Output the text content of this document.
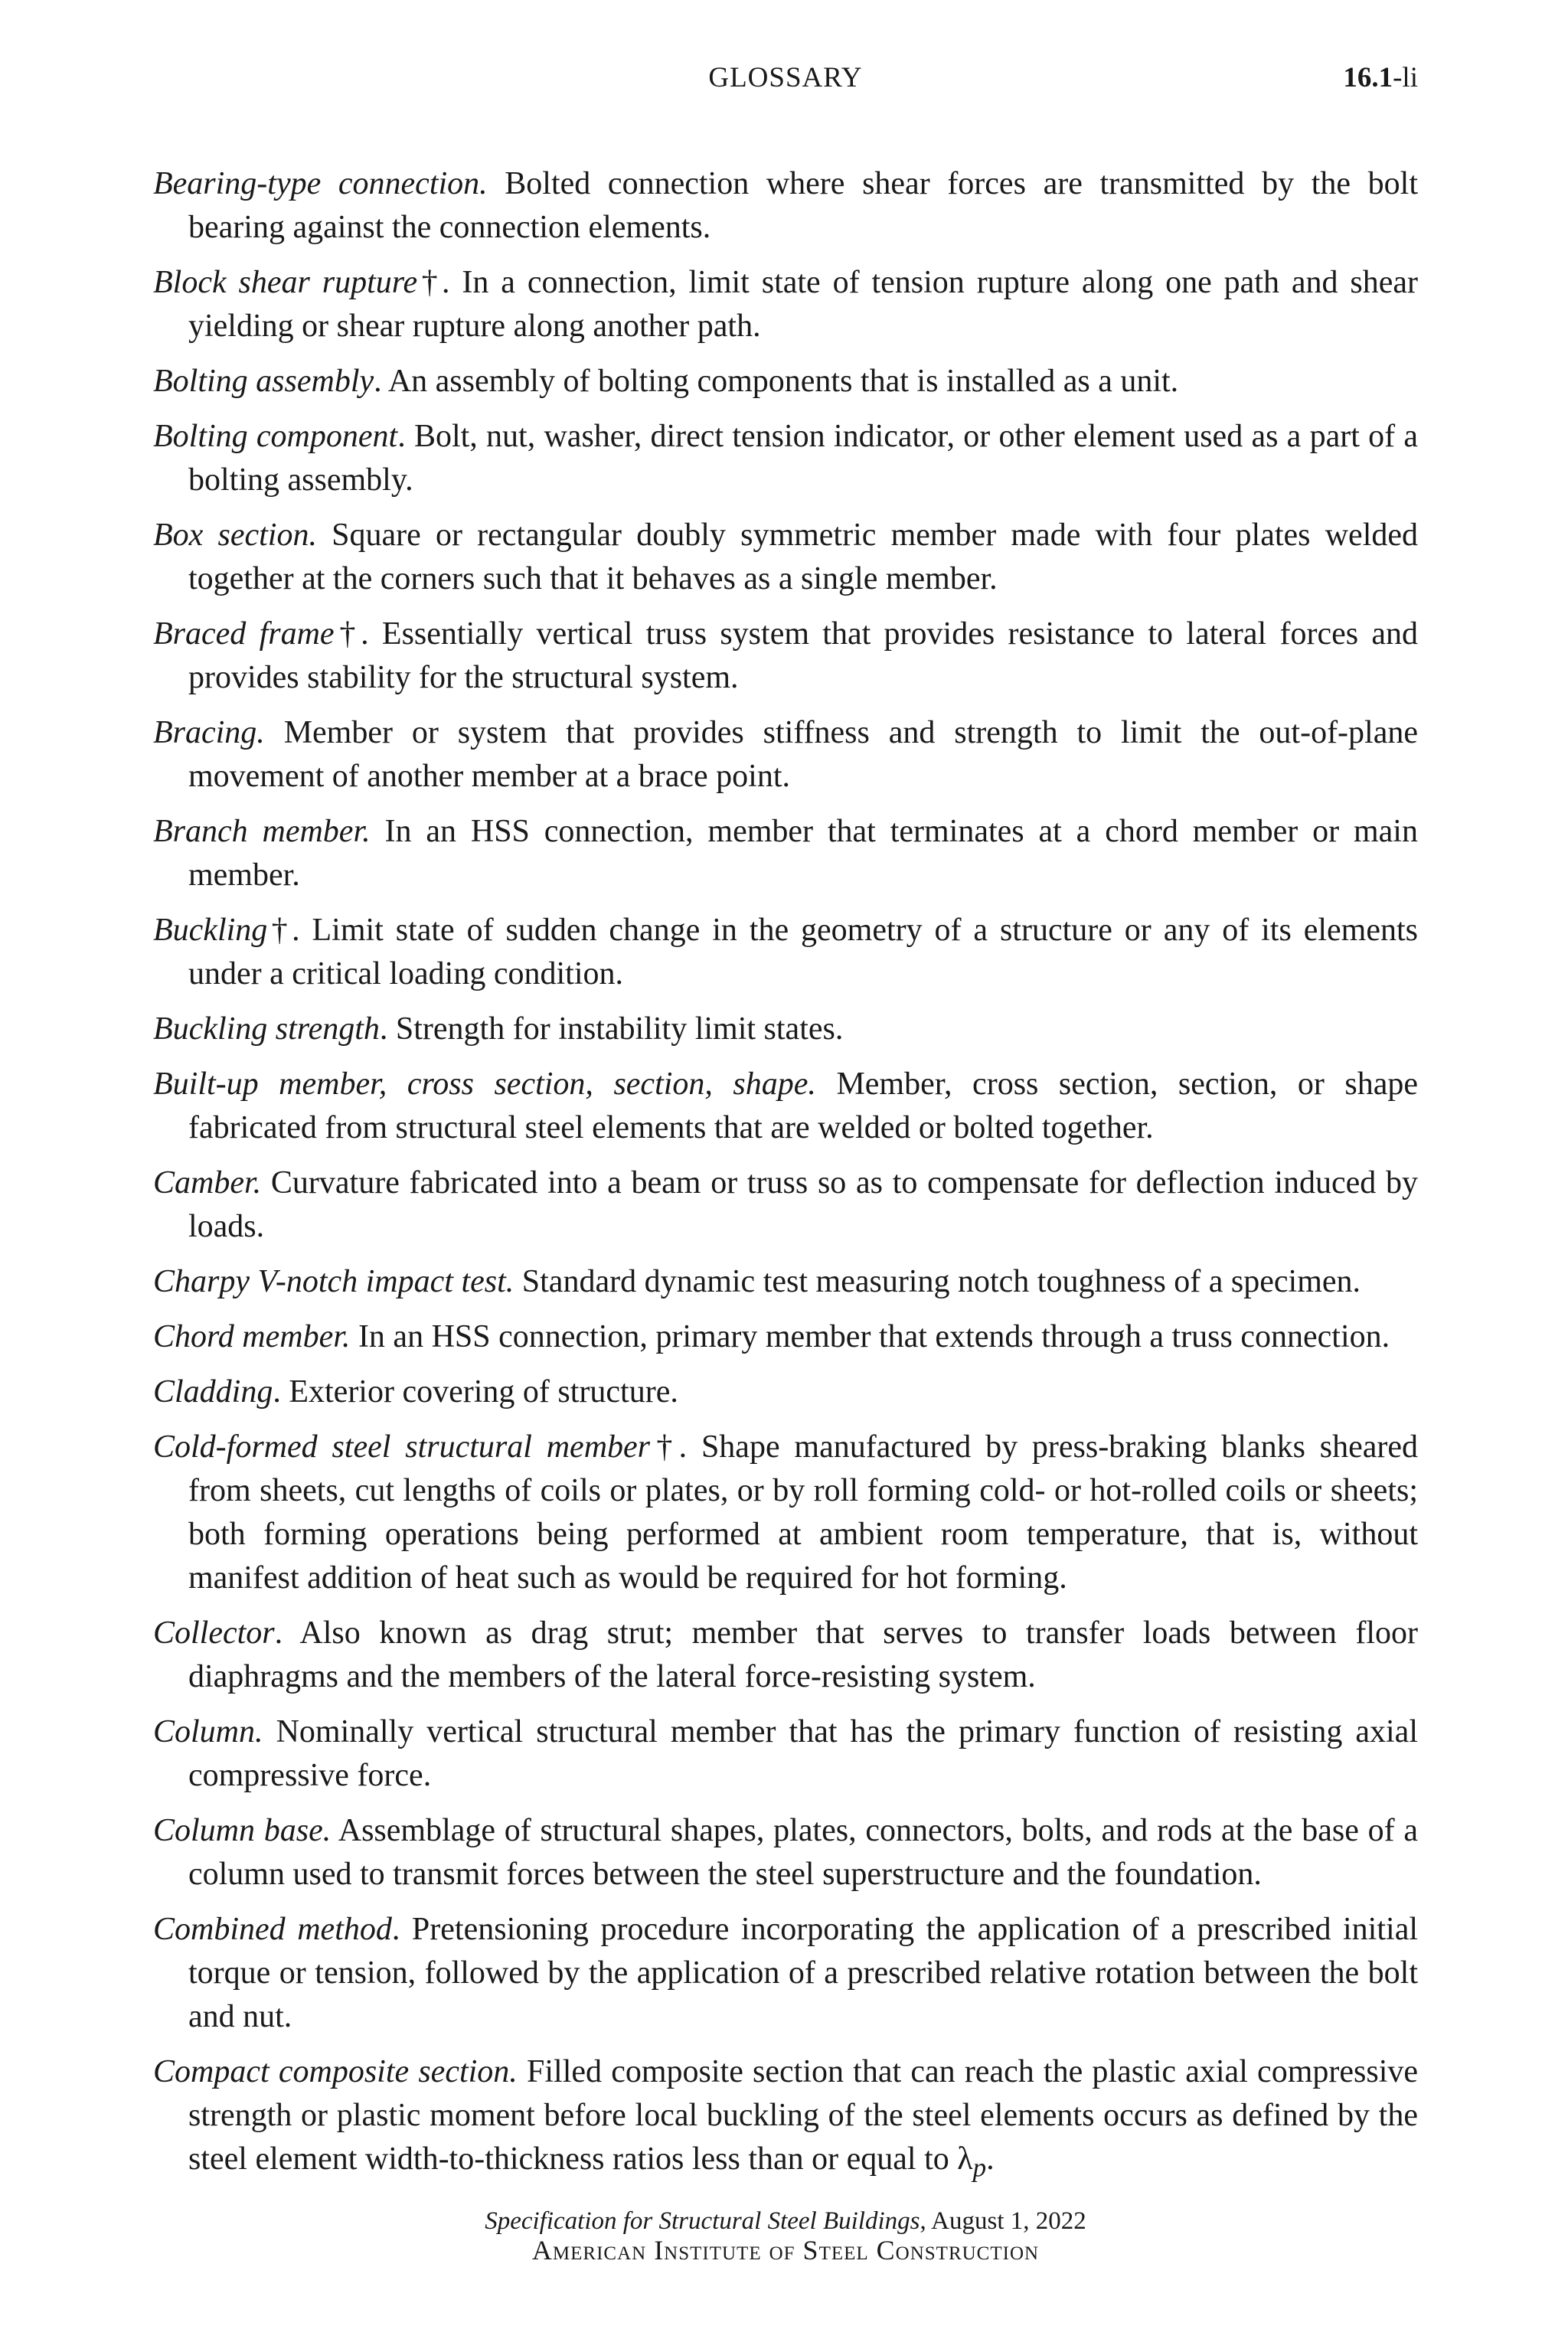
GLOSSARY	16.1-li

Bearing-type connection. Bolted connection where shear forces are transmitted by the bolt bearing against the connection elements.

Block shear rupture†. In a connection, limit state of tension rupture along one path and shear yielding or shear rupture along another path.

Bolting assembly. An assembly of bolting components that is installed as a unit.

Bolting component. Bolt, nut, washer, direct tension indicator, or other element used as a part of a bolting assembly.

Box section. Square or rectangular doubly symmetric member made with four plates welded together at the corners such that it behaves as a single member.

Braced frame†. Essentially vertical truss system that provides resistance to lateral forces and provides stability for the structural system.

Bracing. Member or system that provides stiffness and strength to limit the out-of-plane movement of another member at a brace point.

Branch member. In an HSS connection, member that terminates at a chord member or main member.

Buckling†. Limit state of sudden change in the geometry of a structure or any of its elements under a critical loading condition.

Buckling strength. Strength for instability limit states.

Built-up member, cross section, section, shape. Member, cross section, section, or shape fabricated from structural steel elements that are welded or bolted together.

Camber. Curvature fabricated into a beam or truss so as to compensate for deflection induced by loads.

Charpy V-notch impact test. Standard dynamic test measuring notch toughness of a specimen.

Chord member. In an HSS connection, primary member that extends through a truss connection.

Cladding. Exterior covering of structure.

Cold-formed steel structural member†. Shape manufactured by press-braking blanks sheared from sheets, cut lengths of coils or plates, or by roll forming cold- or hot-rolled coils or sheets; both forming operations being performed at ambient room temperature, that is, without manifest addition of heat such as would be required for hot forming.

Collector. Also known as drag strut; member that serves to transfer loads between floor diaphragms and the members of the lateral force-resisting system.

Column. Nominally vertical structural member that has the primary function of resisting axial compressive force.

Column base. Assemblage of structural shapes, plates, connectors, bolts, and rods at the base of a column used to transmit forces between the steel superstructure and the foundation.

Combined method. Pretensioning procedure incorporating the application of a prescribed initial torque or tension, followed by the application of a prescribed relative rotation between the bolt and nut.

Compact composite section. Filled composite section that can reach the plastic axial compressive strength or plastic moment before local buckling of the steel elements occurs as defined by the steel element width-to-thickness ratios less than or equal to $\lambda_p$.

Specification for Structural Steel Buildings, August 1, 2022
American Institute of Steel Construction
